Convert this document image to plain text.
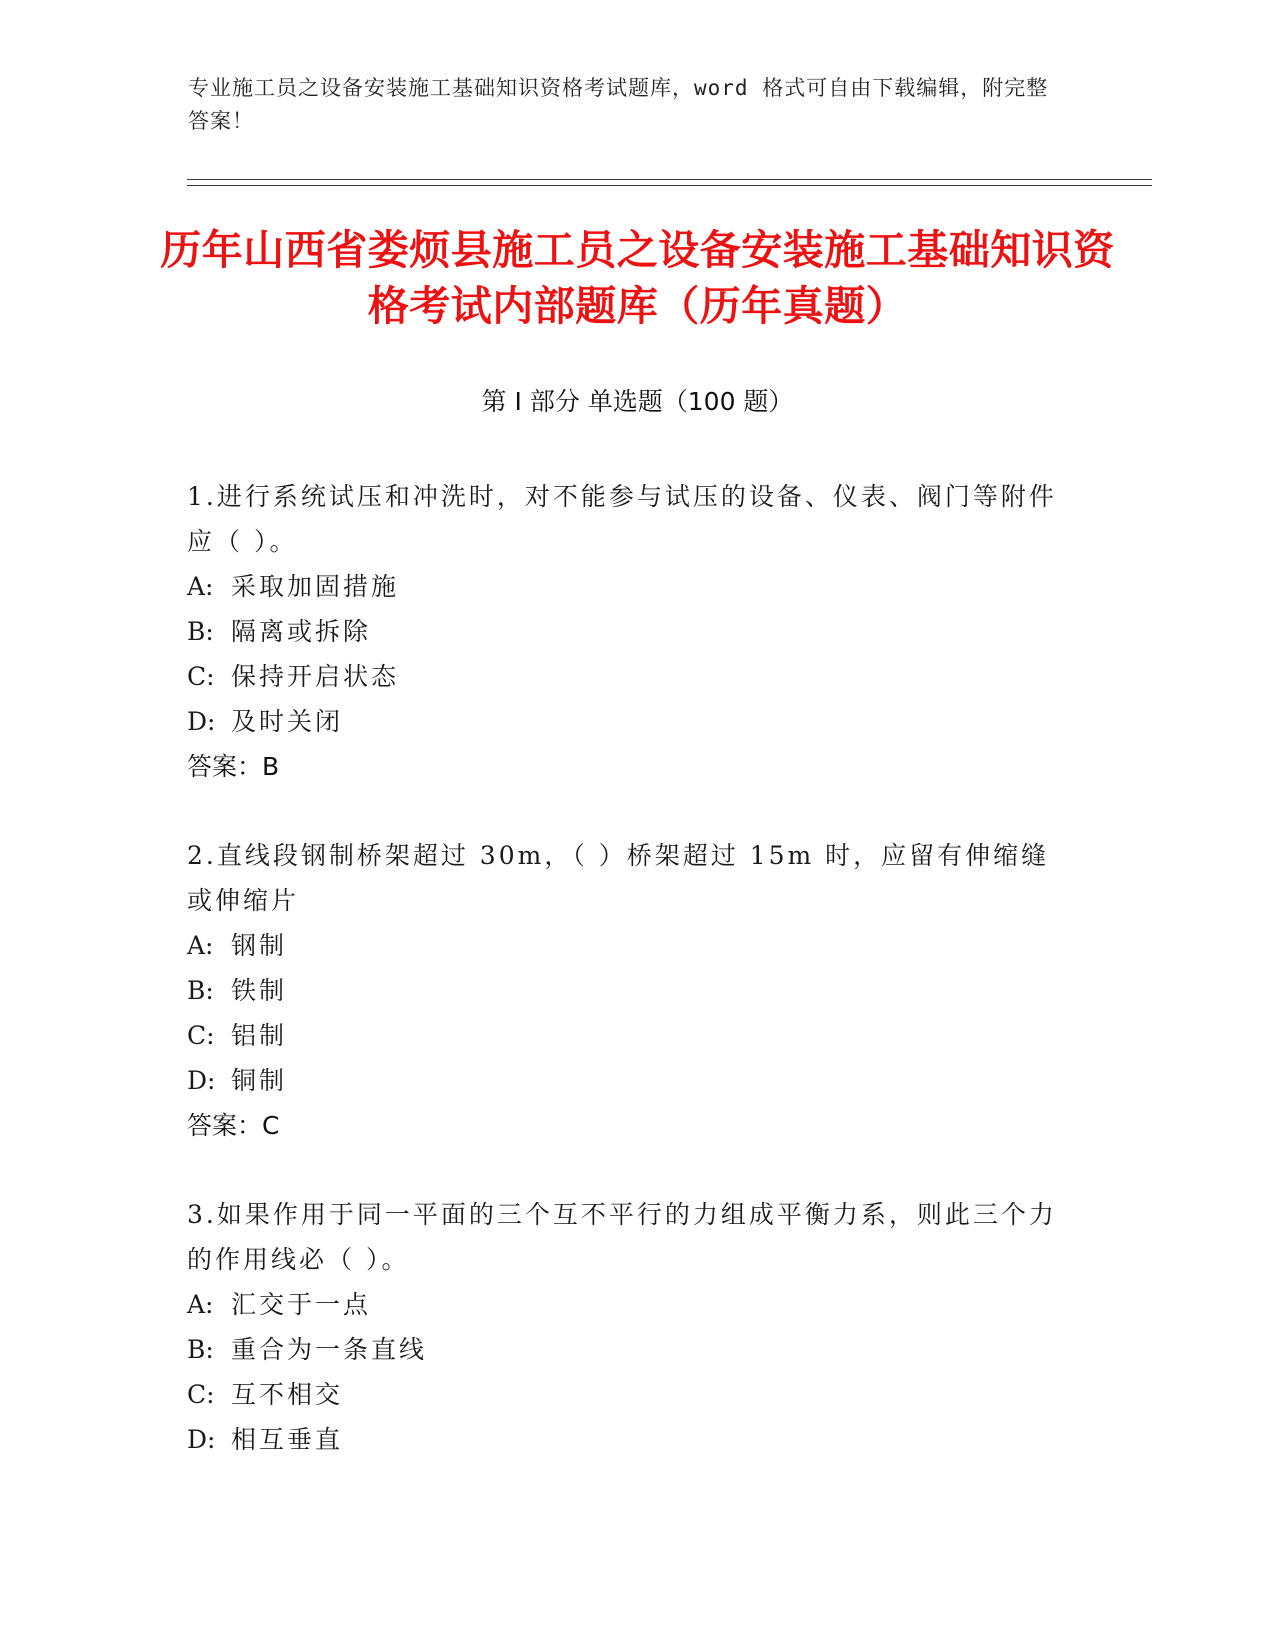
专业施工员之设备安装施工基础知识资格考试题库，word 格式可自由下载编辑，附完整答案！
历年山西省娄烦县施工员之设备安装施工基础知识资格考试内部题库（历年真题）
第 I 部分 单选题（100 题）

1.进行系统试压和冲洗时，对不能参与试压的设备、仪表、阀门等附件应（ ）。

A: 采取加固措施

B: 隔离或拆除

C: 保持开启状态

D: 及时关闭

答案：B

2.直线段钢制桥架超过 30m，（ ）桥架超过 15m 时，应留有伸缩缝或伸缩片

A: 钢制

B: 铁制

C: 铝制

D: 铜制

答案：C

3.如果作用于同一平面的三个互不平行的力组成平衡力系，则此三个力的作用线必（ ）。

A: 汇交于一点

B: 重合为一条直线

C: 互不相交

D: 相互垂直
